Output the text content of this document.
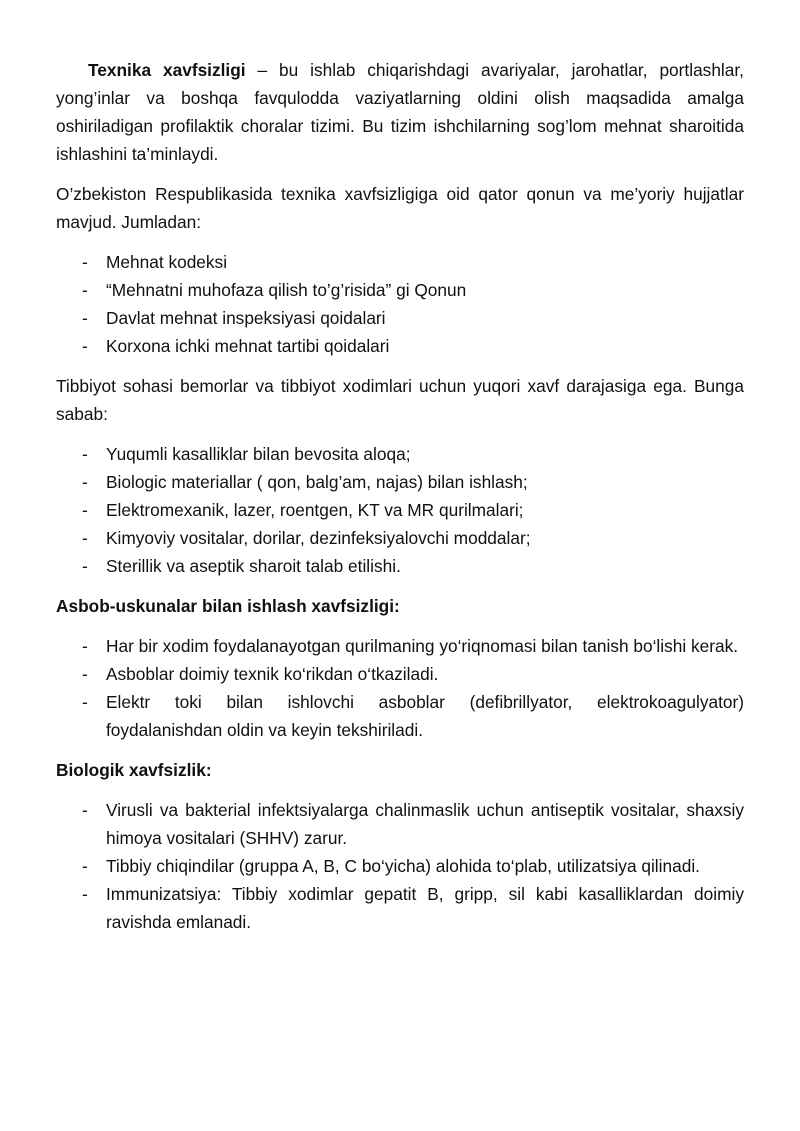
Texnika xavfsizligi – bu ishlab chiqarishdagi avariyalar, jarohatlar, portlashlar, yong’inlar va boshqa favqulodda vaziyatlarning oldini olish maqsadida amalga oshiriladigan profilaktik choralar tizimi. Bu tizim ishchilarning sog’lom mehnat sharoitida ishlashini ta’minlaydi.

O’zbekiston Respublikasida texnika xavfsizligiga oid qator qonun va me’yoriy hujjatlar mavjud. Jumladan:

- Mehnat kodeksi
- “Mehnatni muhofaza qilish to’g’risida” gi Qonun
- Davlat mehnat inspeksiyasi qoidalari
- Korxona ichki mehnat tartibi qoidalari

Tibbiyot sohasi bemorlar va tibbiyot xodimlari uchun yuqori xavf darajasiga ega. Bunga sabab:

- Yuqumli kasalliklar bilan bevosita aloqa;
- Biologic materiallar ( qon, balg’am, najas) bilan ishlash;
- Elektromexanik, lazer, roentgen, KT va MR qurilmalari;
- Kimyoviy vositalar, dorilar, dezinfeksiyalovchi moddalar;
- Sterillik va aseptik sharoit talab etilishi.

Asbob-uskunalar bilan ishlash xavfsizligi:

- Har bir xodim foydalanayotgan qurilmaning yo‘riqnomasi bilan tanish bo‘lishi kerak.
- Asboblar doimiy texnik ko‘rikdan o‘tkaziladi.
- Elektr toki bilan ishlovchi asboblar (defibrillyator, elektrokoagulyator) foydalanishdan oldin va keyin tekshiriladi.

Biologik xavfsizlik:

- Virusli va bakterial infektsiyalarga chalinmaslik uchun antiseptik vositalar, shaxsiy himoya vositalari (SHHV) zarur.
- Tibbiy chiqindilar (gruppa A, B, C bo‘yicha) alohida to‘plab, utilizatsiya qilinadi.
- Immunizatsiya: Tibbiy xodimlar gepatit B, gripp, sil kabi kasalliklardan doimiy ravishda emlanadi.
